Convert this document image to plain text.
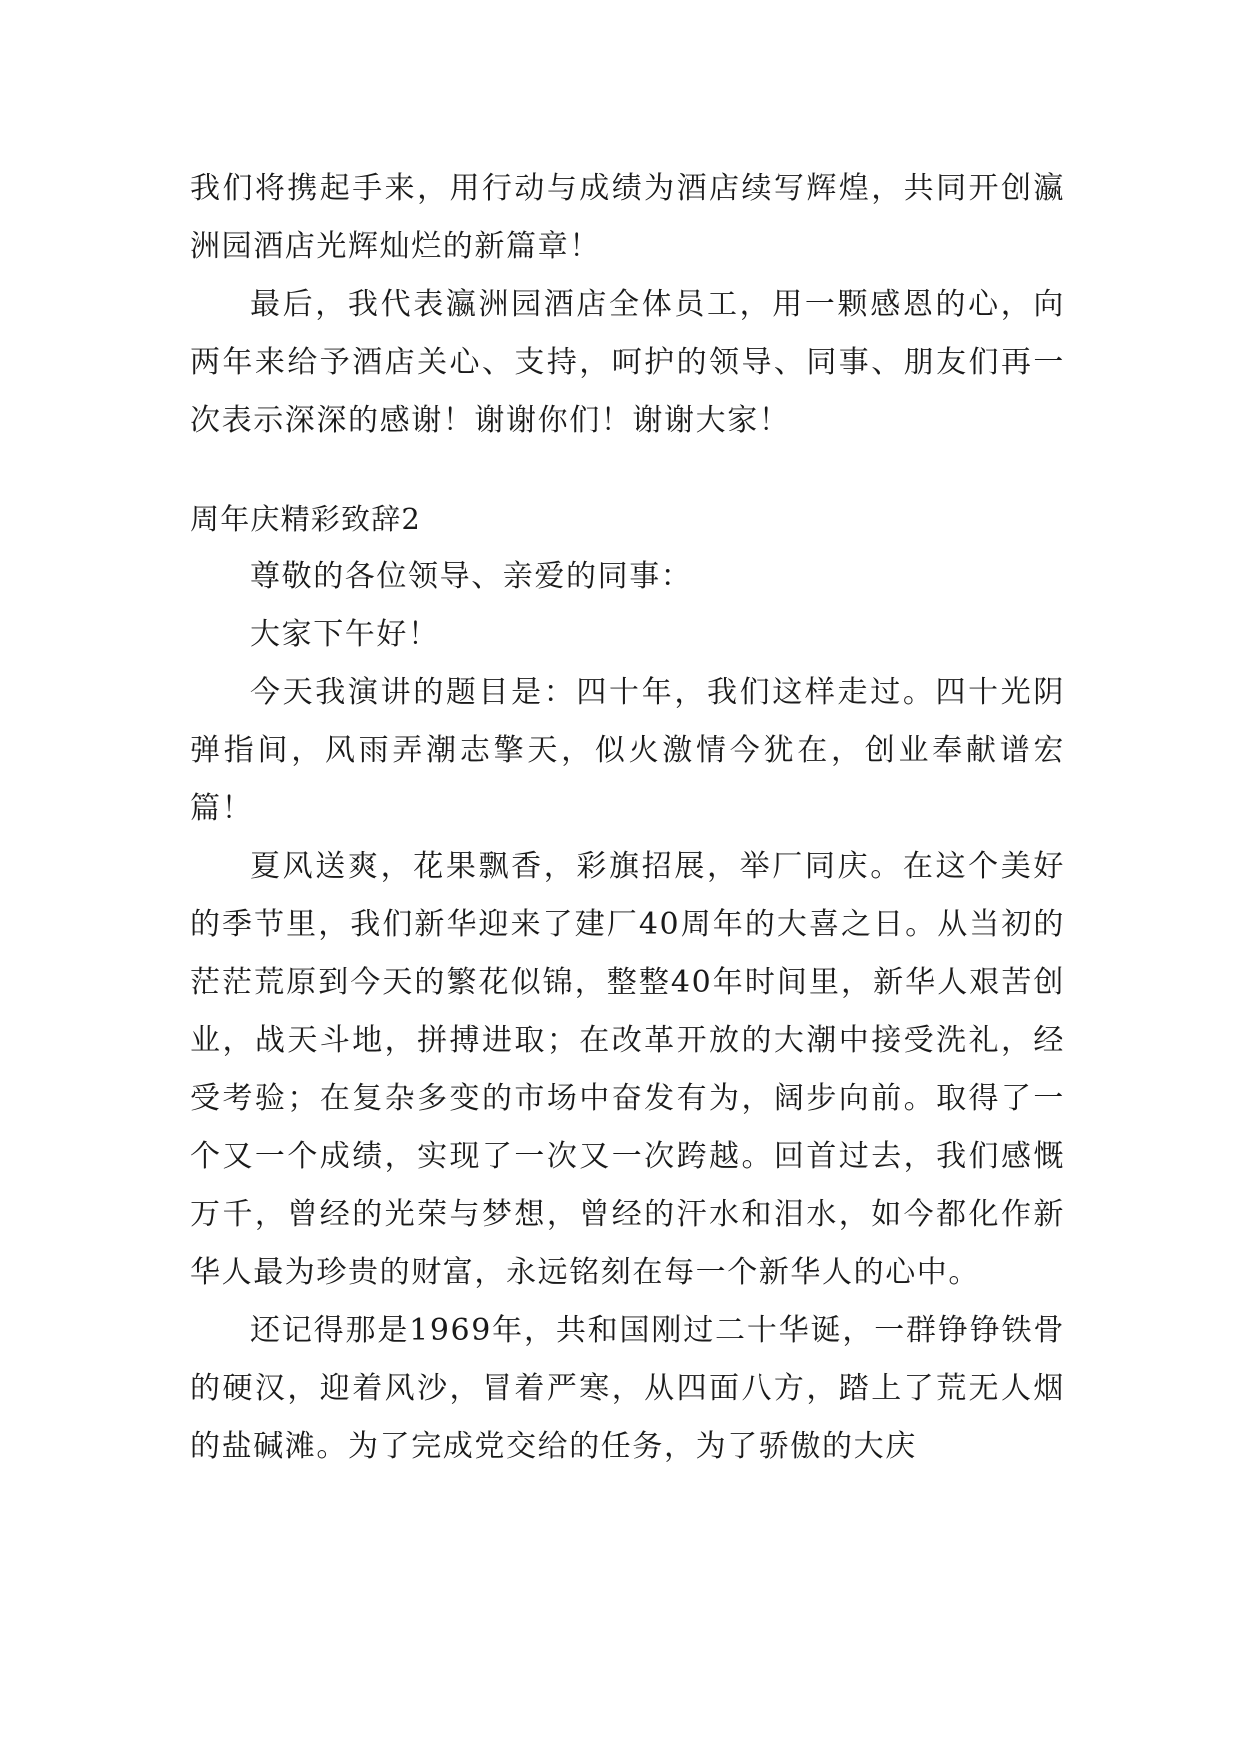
我们将携起手来，用行动与成绩为酒店续写辉煌，共同开创瀛洲园酒店光辉灿烂的新篇章！

最后，我代表瀛洲园酒店全体员工，用一颗感恩的心，向两年来给予酒店关心、支持，呵护的领导、同事、朋友们再一次表示深深的感谢！谢谢你们！谢谢大家！

周年庆精彩致辞2

尊敬的各位领导、亲爱的同事：

大家下午好！

今天我演讲的题目是：四十年，我们这样走过。四十光阴弹指间，风雨弄潮志擎天，似火激情今犹在，创业奉献谱宏篇！

夏风送爽，花果飘香，彩旗招展，举厂同庆。在这个美好的季节里，我们新华迎来了建厂40周年的大喜之日。从当初的茫茫荒原到今天的繁花似锦，整整40年时间里，新华人艰苦创业，战天斗地，拼搏进取；在改革开放的大潮中接受洗礼，经受考验；在复杂多变的市场中奋发有为，阔步向前。取得了一个又一个成绩，实现了一次又一次跨越。回首过去，我们感慨万千，曾经的光荣与梦想，曾经的汗水和泪水，如今都化作新华人最为珍贵的财富，永远铭刻在每一个新华人的心中。

还记得那是1969年，共和国刚过二十华诞，一群铮铮铁骨的硬汉，迎着风沙，冒着严寒，从四面八方，踏上了荒无人烟的盐碱滩。为了完成党交给的任务，为了骄傲的大庆
